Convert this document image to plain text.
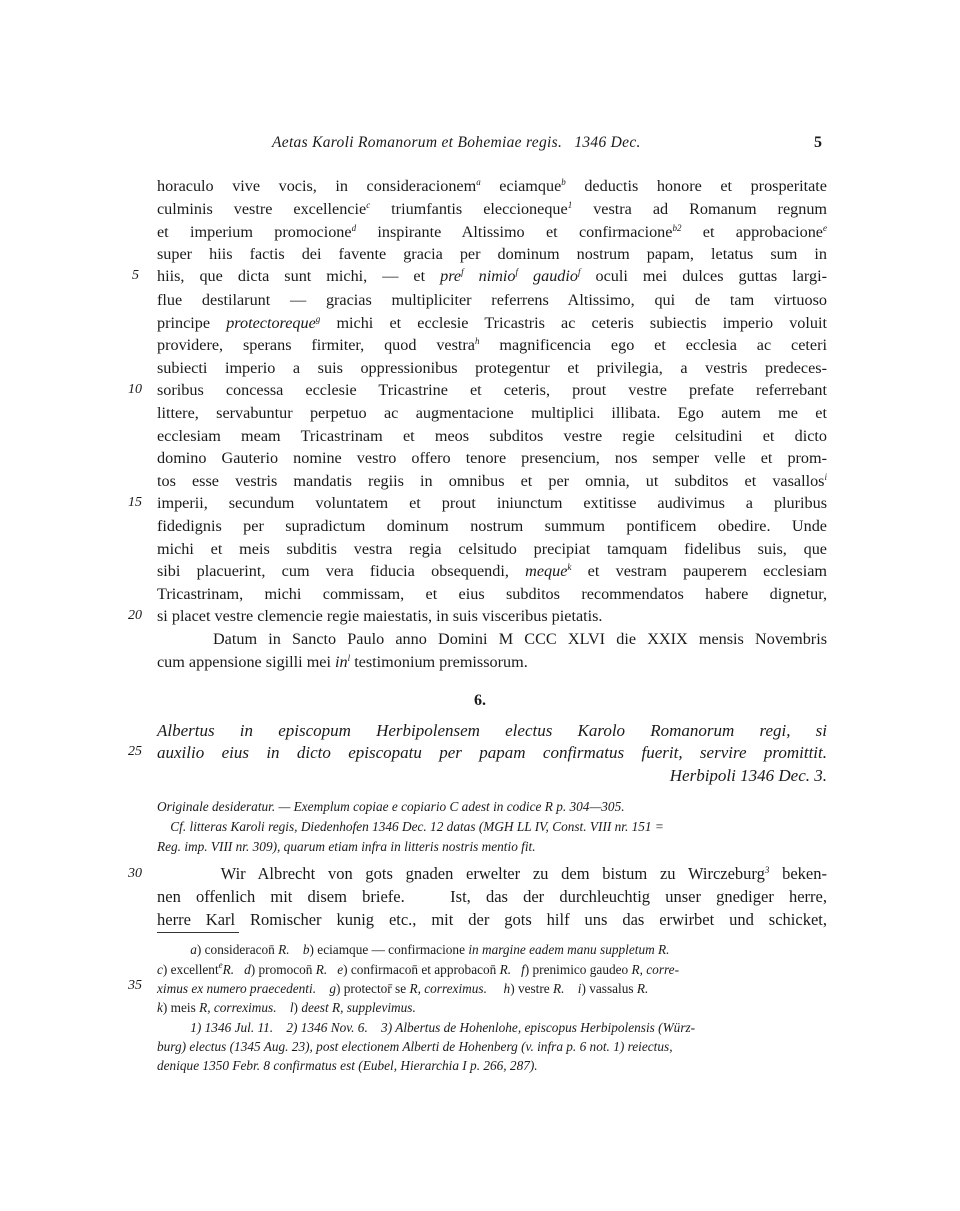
Aetas Karoli Romanorum et Bohemiae regis. 1346 Dec.	5
horaculo vive vocis, in consideracionem$^a$ eciamque$^b$ deductis honore et prosperitate
culminis vestre excellencie$^c$ triumfantis eleccioneque$^1$ vestra ad Romanum regnum
et imperium promocione$^d$ inspirante Altissimo et confirmacione$^{b2}$ et approbacione$^e$
super hiis factis dei favente gracia per dominum nostrum papam, letatus sum in
hiis, que dicta sunt michi, — et pre$^f$ nimio$^f$ gaudio$^f$ oculi mei dulces guttas largi-
flue destilarunt — gracias multipliciter referrens Altissimo, qui de tam virtuoso
principe protectoreque$^g$ michi et ecclesie Tricastris ac ceteris subiectis imperio voluit
providere, sperans firmiter, quod vestra$^h$ magnificencia ego et ecclesia ac ceteri
subiecti imperio a suis oppressionibus protegentur et privilegia, a vestris predeces-
soribus concessa ecclesie Tricastrine et ceteris, prout vestre prefate referrebant
littere, servabuntur perpetuo ac augmentacione multiplici illibata. Ego autem me et
ecclesiam meam Tricastrinam et meos subditos vestre regie celsitudini et dicto
domino Gauterio nomine vestro offero tenore presencium, nos semper velle et prom-
tos esse vestris mandatis regiis in omnibus et per omnia, ut subditos et vasallos$^i$
imperii, secundum voluntatem et prout iniunctum extitisse audivimus a pluribus
fidedignis per supradictum dominum nostrum summum pontificem obedire. Unde
michi et meis subditis vestra regia celsitudo precipiat tamquam fidelibus suis, que
sibi placuerint, cum vera fiducia obsequendi, meque$^k$ et vestram pauperem ecclesiam
Tricastrinam, michi commissam, et eius subditos recommendatos habere dignetur,
si placet vestre clemencie regie maiestatis, in suis visceribus pietatis.
Datum in Sancto Paulo anno Domini M CCC XLVI die XXIX mensis Novembris
cum appensione sigilli mei $in^l$ testimonium premissorum.
5
10
15
20
25
30
35
6.
Albertus in episcopum Herbipolensem electus Karolo Romanorum regi, si
auxilio eius in dicto episcopatu per papam confirmatus fuerit, servire promittit.
Herbipoli 1346 Dec. 3.
Originale desideratur. — Exemplum copiae e copiario C adest in codice R p. 304—305.
Cf. litteras Karoli regis, Diedenhofen 1346 Dec. 12 datas (MGH LL IV, Const. VIII nr. 151 =
Reg. imp. VIII nr. 309), quarum etiam infra in litteris nostris mentio fit.
Wir Albrecht von gots gnaden erwelter zu dem bistum zu Wirczeburg$^3$ beken-
nen offenlich mit disem briefe.   Ist, das der durchleuchtig unser gnediger herre,
herre Karl Romischer kunig etc., mit der gots hilf uns das erwirbet und schicket,
a) consideracon̄ R. b) eciamque — confirmacione in margine eadem manu suppletum R.
c) excellent$^e$R. d) promocon̄ R. e) confirmacon̄ et approbacon̄ R. f) prenimico gaudeo R, corre-
ximus ex numero praecedenti. g) protector̄ se R, correximus. h) vestre R. i) vassalus R.
k) meis R, correximus. l) deest R, supplevimus.
1) 1346 Jul. 11.    2) 1346 Nov. 6.    3) Albertus de Hohenlohe, episcopus Herbipolensis (Würz-
burg) electus (1345 Aug. 23), post electionem Alberti de Hohenberg (v. infra p. 6 not. 1) reiectus,
denique 1350 Febr. 8 confirmatus est (Eubel, Hierarchia I p. 266, 287).
